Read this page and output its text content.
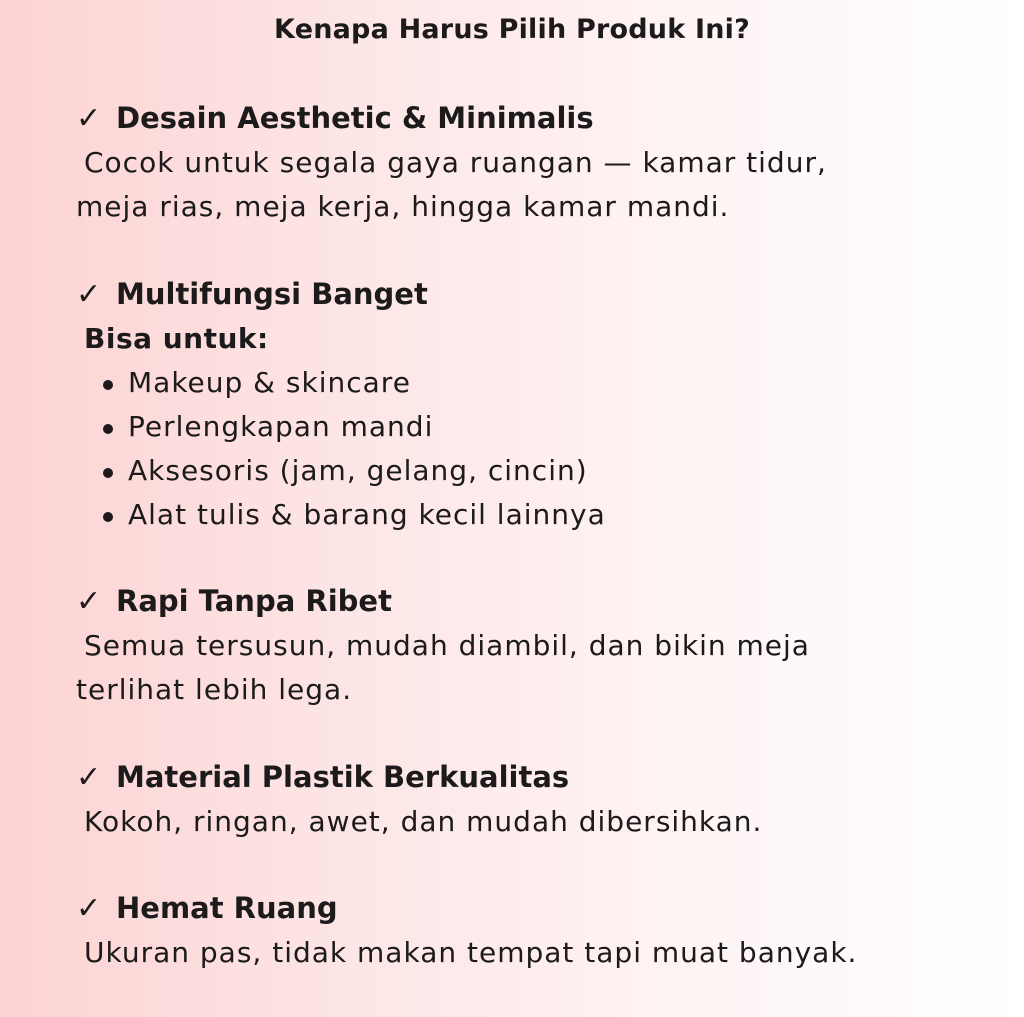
Kenapa Harus Pilih Produk Ini?
✓ Desain Aesthetic & Minimalis
Cocok untuk segala gaya ruangan — kamar tidur,
meja rias, meja kerja, hingga kamar mandi.
✓ Multifungsi Banget
Bisa untuk:
Makeup & skincare
Perlengkapan mandi
Aksesoris (jam, gelang, cincin)
Alat tulis & barang kecil lainnya
✓ Rapi Tanpa Ribet
Semua tersusun, mudah diambil, dan bikin meja
terlihat lebih lega.
✓ Material Plastik Berkualitas
Kokoh, ringan, awet, dan mudah dibersihkan.
✓ Hemat Ruang
Ukuran pas, tidak makan tempat tapi muat banyak.
